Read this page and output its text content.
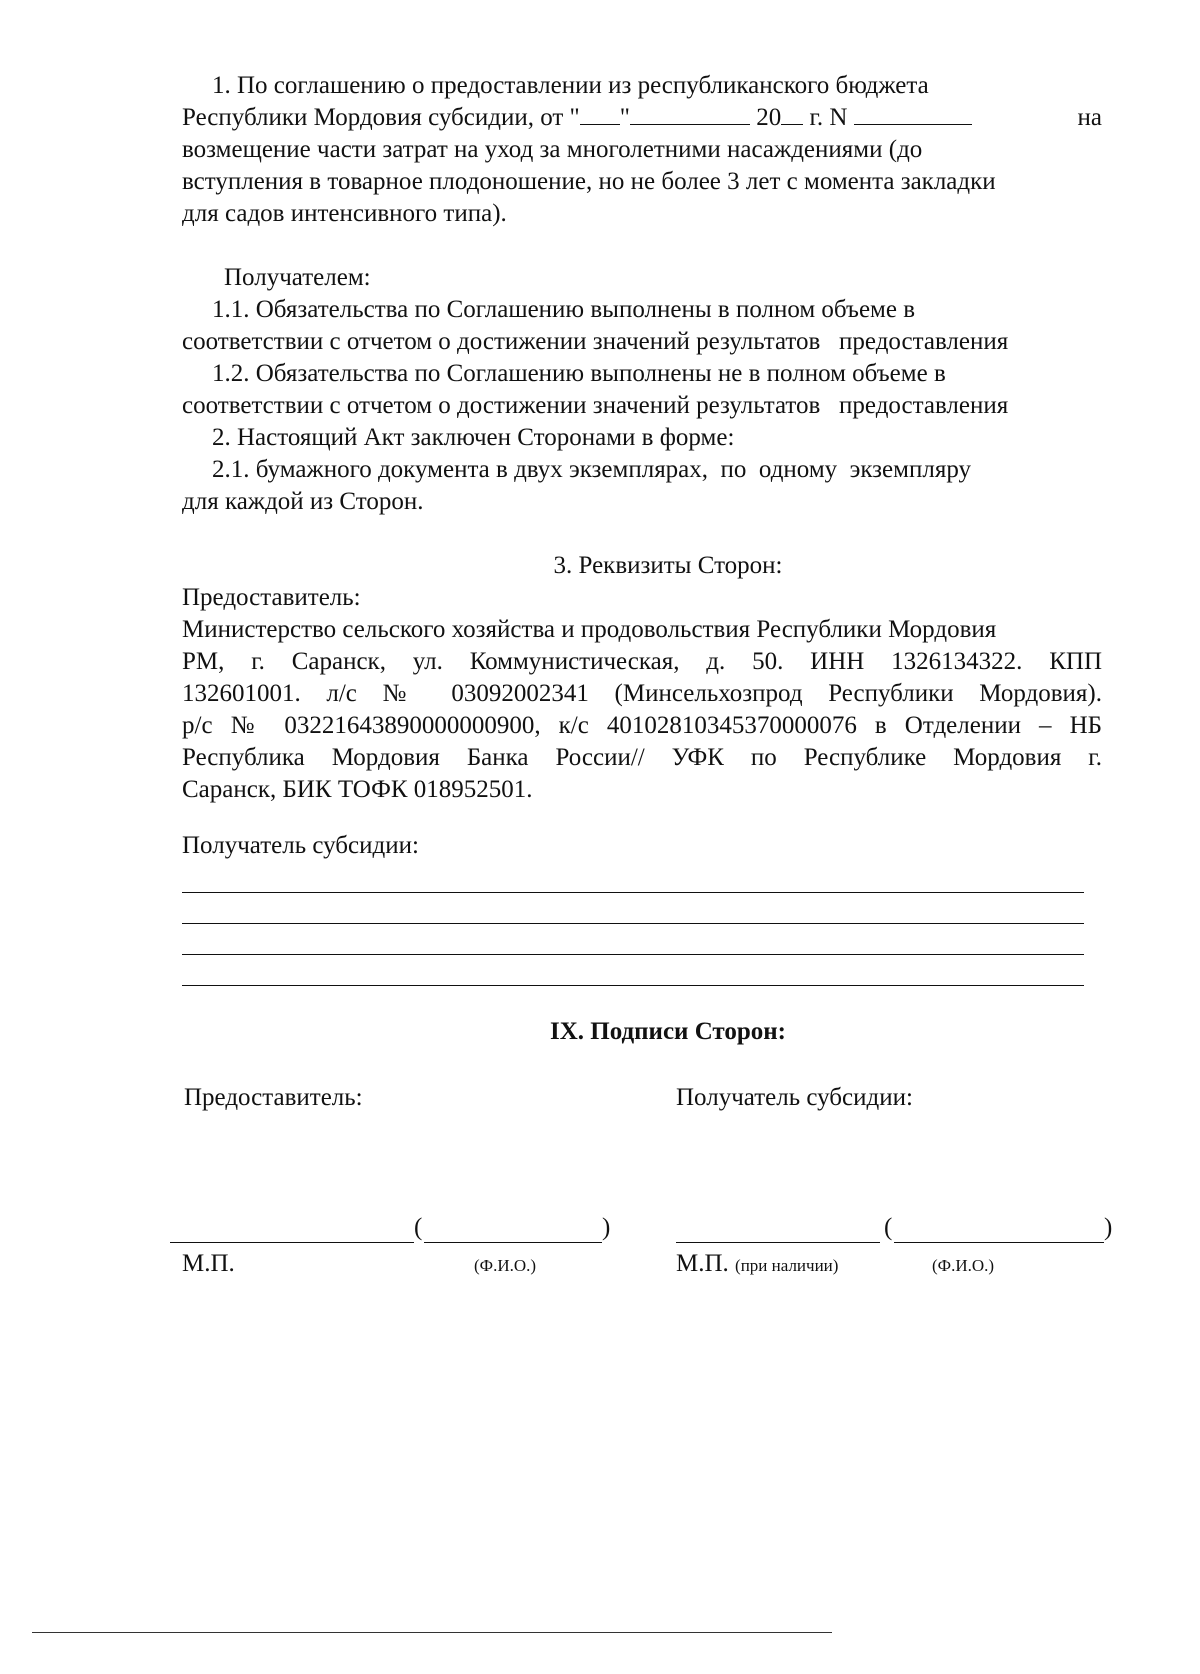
1. По соглашению о предоставлении из республиканского бюджета

Республики Мордовия субсидии, от " "	20 г. N	на

возмещение части затрат на уход за многолетними насаждениями (до

вступления в товарное плодоношение, но не более 3 лет с момента закладки

для садов интенсивного типа).

Получателем:

1.1. Обязательства по Соглашению выполнены в полном объеме в

соответствии с отчетом о достижении значений результатов   предоставления

1.2. Обязательства по Соглашению выполнены не в полном объеме в

соответствии с отчетом о достижении значений результатов   предоставления

2. Настоящий Акт заключен Сторонами в форме:

2.1. бумажного документа в двух экземплярах,  по  одному  экземпляру

для каждой из Сторон.

3. Реквизиты Сторон:

Предоставитель:

Министерство сельского хозяйства и продовольствия Республики Мордовия

РМ, г. Саранск, ул. Коммунистическая, д. 50. ИНН 1326134322. КПП

132601001. л/с № 03092002341 (Минсельхозпрод Республики Мордовия).

р/с № 03221643890000000900, к/с 40102810345370000076 в Отделении – НБ

Республика Мордовия Банка России// УФК по Республике Мордовия г.

Саранск, БИК ТОФК 018952501.

Получатель субсидии:

IX. Подписи Сторон:

Предоставитель:	Получатель субсидии:
(	)
М.П.	(Ф.И.О.)
(	)
М.П. (при наличии)	(Ф.И.О.)
